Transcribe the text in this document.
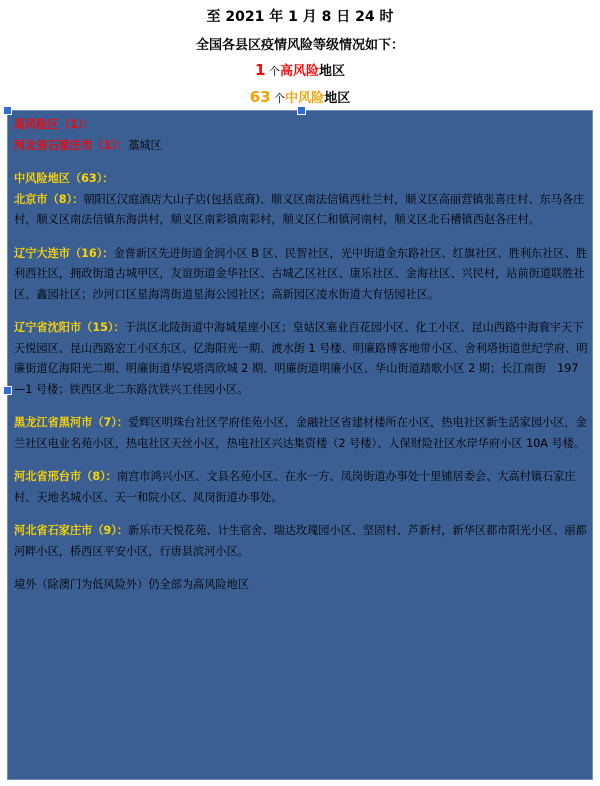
至 2021 年 1 月 8 日 24 时
全国各县区疫情风险等级情况如下：
1 个高风险地区
63 个中风险地区

高风险区（1）：

河北省石家庄市（1）：藁城区

中风险地区（63）：

北京市（8）：朝阳区汉庭酒店大山子店(包括底商)、顺义区南法信镇西杜兰村，顺义区高丽营镇张喜庄村、东马各庄村，顺义区南法信镇东海洪村，顺义区南彩镇南彩村，顺义区仁和镇河南村，顺义区北石槽镇西赵各庄村。

辽宁大连市（16）：金普新区先进街道金润小区 B 区、民智社区，光中街道金东路社区、红旗社区、胜利东社区、胜利西社区，拥政街道古城甲区，友谊街道金华社区、古城乙区社区、康乐社区、金海社区、兴民村，站前街道联胜社区、鑫园社区；沙河口区星海湾街道星海公园社区；高新园区凌水街道大有恬园社区。

辽宁省沈阳市（15）：于洪区北陵街道中海城星座小区；皇姑区塞业百花园小区、化工小区、昆山西路中海寰宇天下天悦园区、昆山西路宏工小区东区、亿海阳光一期、渡水街 1 号楼、明廉路博客地带小区、舍利塔街道世纪学府、明廉街道亿海阳光二期、明廉街道华锐塔湾欣城 2 期、明廉街道明廉小区、华山街道踏歌小区 2 期；长江南街　197—1 号楼；铁西区北二东路沈铁兴工佳园小区。

黑龙江省黑河市（7）：爱辉区明珠台社区学府佳苑小区，金融社区省建材楼所在小区，热电社区新生活家园小区，金兰社区电业名苑小区，热电社区天丝小区，热电社区兴达集资楼（2 号楼）、人保财险社区水岸华府小区 10A 号楼。

河北省邢台市（8）：南宫市鸿兴小区、文县名苑小区、在水一方、凤岗街道办事处十里铺居委会、大高村镇石家庄村、天地名城小区、天一和院小区、凤岗街道办事处。

河北省石家庄市（9）：新乐市天悦花苑、计生宿舍、瑞达玫瑰园小区、坚固村、芦新村，新华区都市阳光小区、丽都河畔小区，桥西区平安小区，行唐县滨河小区。

境外（除澳门为低风险外）仍全部为高风险地区
